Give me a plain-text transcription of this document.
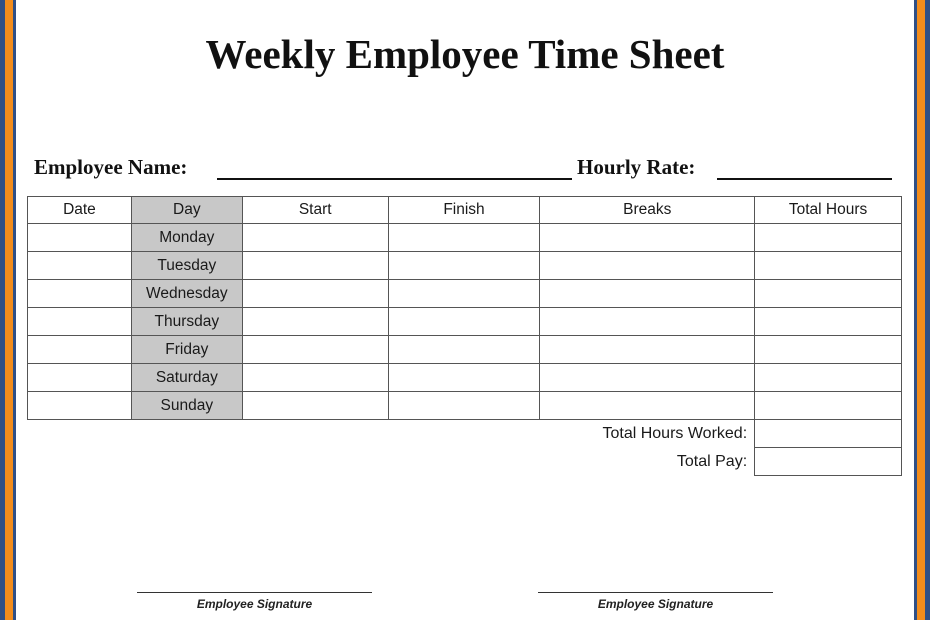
Weekly Employee Time Sheet
Employee Name:	Hourly Rate:
Date	Day	Start	Finish	Breaks	Total Hours
	Monday				
	Tuesday				
	Wednesday				
	Thursday				
	Friday				
	Saturday				
	Sunday				
				Total Hours Worked:	
				Total Pay:	
Employee Signature	Employee Signature
